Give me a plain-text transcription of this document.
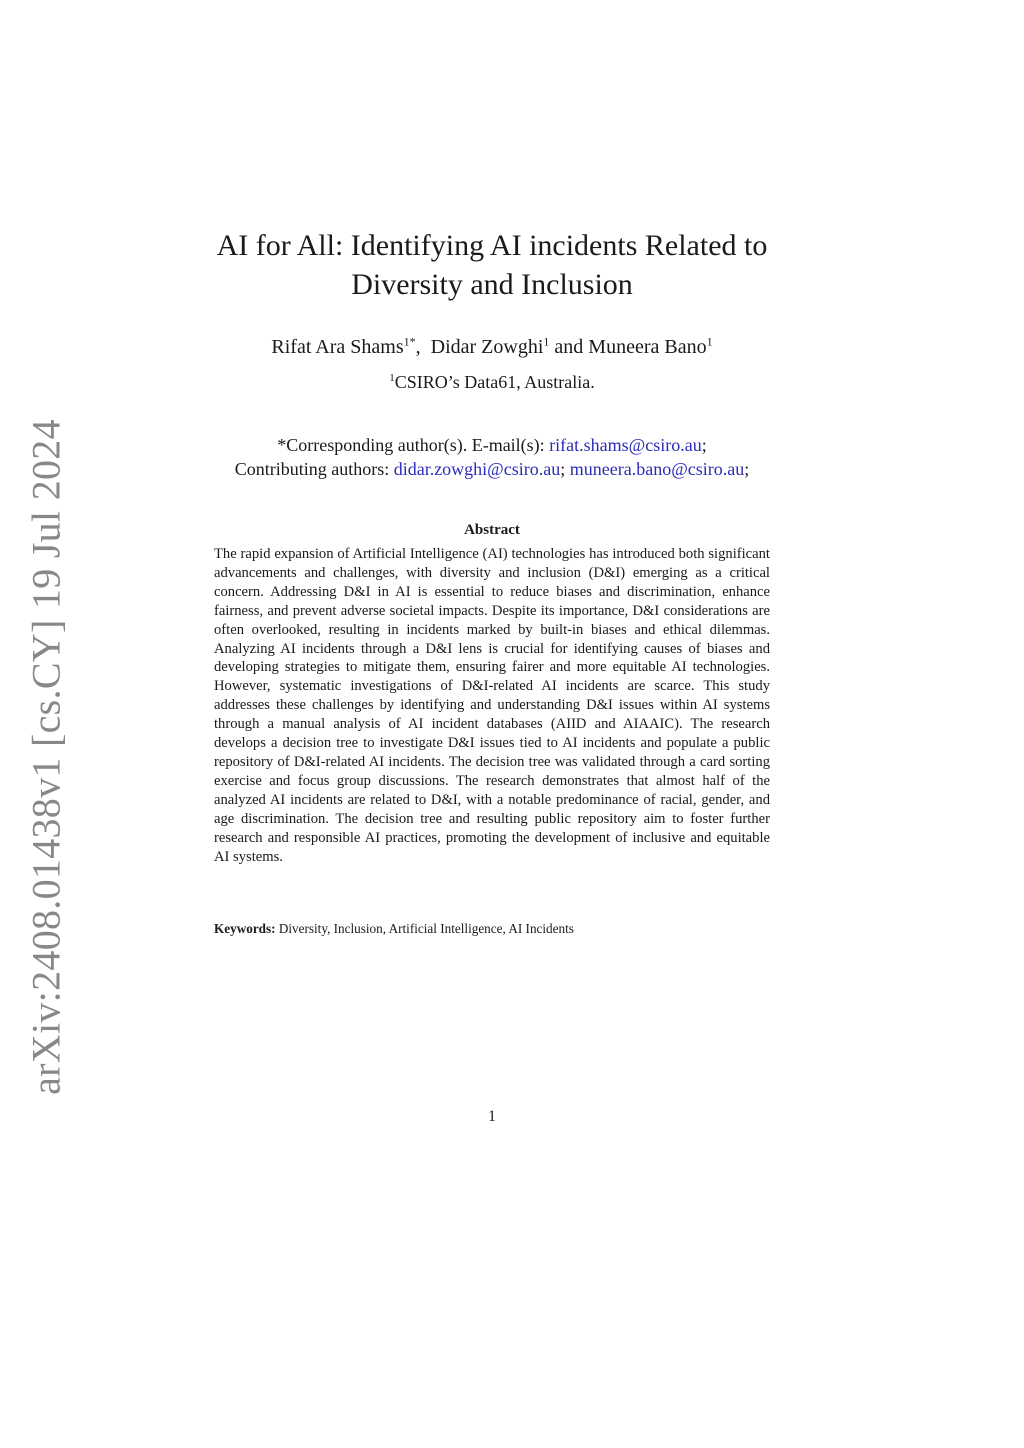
arXiv:2408.01438v1 [cs.CY] 19 Jul 2024
AI for All: Identifying AI incidents Related to
Diversity and Inclusion
Rifat Ara Shams$^{1*}$,  Didar Zowghi$^1$ and Muneera Bano$^1$
$^1$CSIRO’s Data61, Australia.
*Corresponding author(s). E-mail(s): rifat.shams@csiro.au;
Contributing authors: didar.zowghi@csiro.au; muneera.bano@csiro.au;
Abstract
The rapid expansion of Artificial Intelligence (AI) technologies has introduced both significant advancements and challenges, with diversity and inclusion (D&I) emerging as a critical concern. Addressing D&I in AI is essential to reduce biases and discrimination, enhance fairness, and prevent adverse societal impacts. Despite its importance, D&I considerations are often overlooked, resulting in incidents marked by built-in biases and ethical dilemmas. Analyzing AI incidents through a D&I lens is crucial for identifying causes of biases and developing strategies to mitigate them, ensuring fairer and more equitable AI technologies. However, systematic investigations of D&I-related AI incidents are scarce. This study addresses these challenges by identifying and understanding D&I issues within AI systems through a manual analysis of AI incident databases (AIID and AIAAIC). The research develops a decision tree to investigate D&I issues tied to AI incidents and populate a public repository of D&I-related AI incidents. The decision tree was validated through a card sorting exercise and focus group discussions. The research demonstrates that almost half of the analyzed AI incidents are related to D&I, with a notable predominance of racial, gender, and age discrimination. The decision tree and resulting public repository aim to foster further research and responsible AI practices, promoting the development of inclusive and equitable AI systems.
Keywords: Diversity, Inclusion, Artificial Intelligence, AI Incidents
1
